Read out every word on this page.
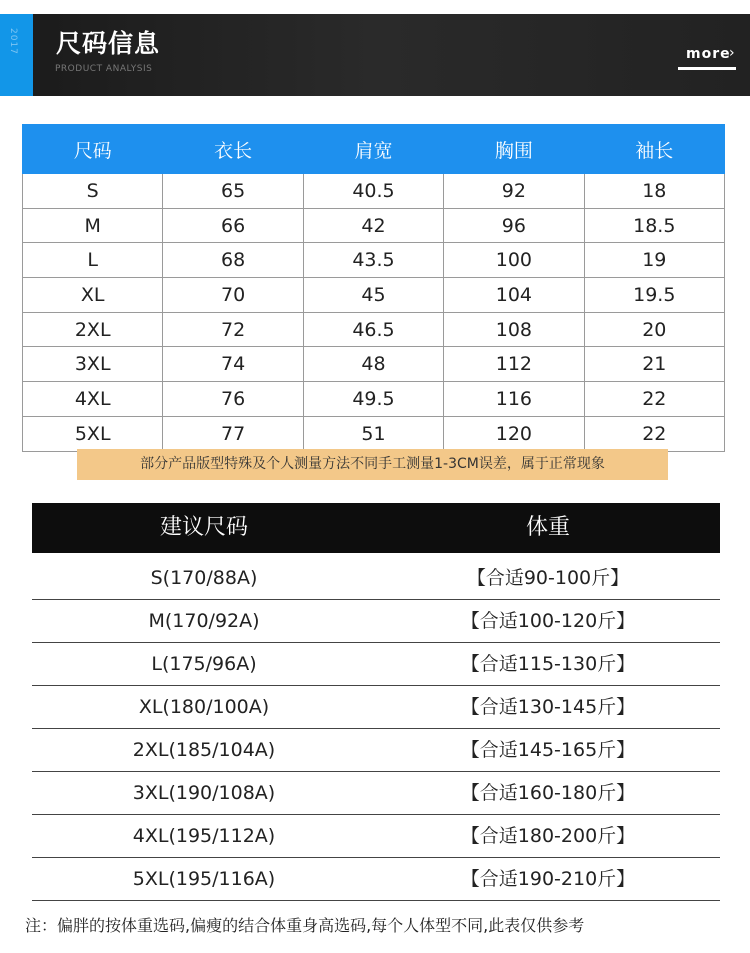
2017 尺码信息
PRODUCT ANALYSIS
more
›
尺码	衣长	肩宽	胸围	袖长
S	65	40.5	92	18
M	66	42	96	18.5
L	68	43.5	100	19
XL	70	45	104	19.5
2XL	72	46.5	108	20
3XL	74	48	112	21
4XL	76	49.5	116	22
5XL	77	51	120	22
部分产品版型特殊及个人测量方法不同手工测量1-3CM误差，属于正常现象
建议尺码	体重
S(170/88A)	【合适90-100斤】
M(170/92A)	【合适100-120斤】
L(175/96A)	【合适115-130斤】
XL(180/100A)	【合适130-145斤】
2XL(185/104A)	【合适145-165斤】
3XL(190/108A)	【合适160-180斤】
4XL(195/112A)	【合适180-200斤】
5XL(195/116A)	【合适190-210斤】
注：偏胖的按体重选码,偏瘦的结合体重身高选码,每个人体型不同,此表仅供参考
